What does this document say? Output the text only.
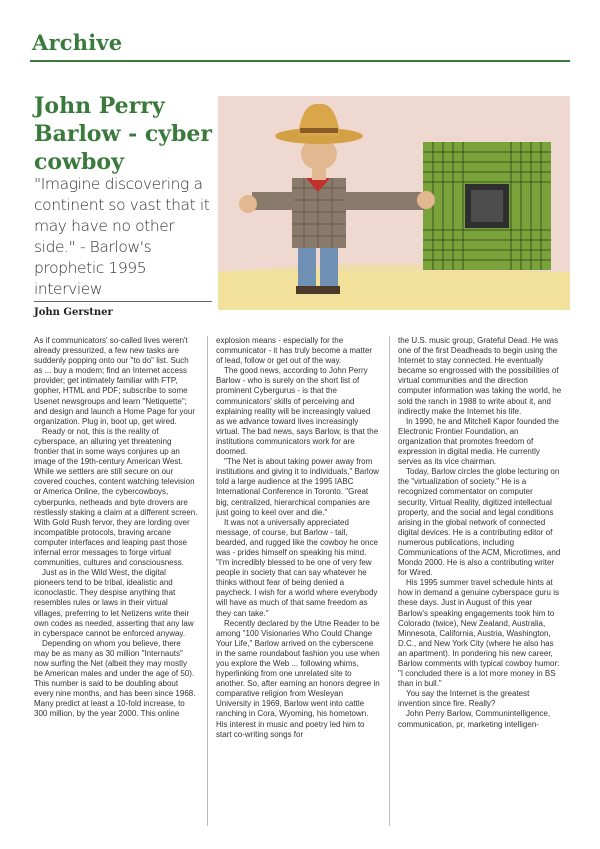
Archive
John Perry Barlow - cyber cowboy

"Imagine discovering a continent so vast that it may have no other side." - Barlow's prophetic 1995 interview

John Gerstner

As if communicators' so-called lives weren't already pressurized, a few new tasks are suddenly popping onto our "to do" list. Such as ... buy a modem; find an Internet access provider; get intimately familiar with FTP, gopher, HTML and PDF; subscribe to some Usenet newsgroups and learn "Netiquette"; and design and launch a Home Page for your organization. Plug in, boot up, get wired.

Ready or not, this is the reality of cyberspace, an alluring yet threatening frontier that in some ways conjures up an image of the 19th-century American West. While we settlers are still secure on our covered couches, content watching television or America Online, the cybercowboys, cyberpunks, netheads and byte drovers are restlessly staking a claim at a different screen. With Gold Rush fervor, they are lording over incompatible protocols, braving arcane computer interfaces and leaping past those infernal error messages to forge virtual communities, cultures and consciousness.

Just as in the Wild West, the digital pioneers tend to be tribal, idealistic and iconoclastic. They despise anything that resembles rules or laws in their virtual villages, preferring to let Netizens write their own codes as needed, asserting that any law in cyberspace cannot be enforced anyway.

Depending on whom you believe, there may be as many as 30 million "Internauts" now surfing the Net (albeit they may mostly be American males and under the age of 50). This number is said to be doubling about every nine months, and has been since 1968. Many predict at least a 10-fold increase, to 300 million, by the year 2000. This online

explosion means - especially for the communicator - it has truly become a matter of lead, follow or get out of the way.

The good news, according to John Perry Barlow - who is surely on the short list of prominent Cybergurus - is that the communicators' skills of perceiving and explaining reality will be increasingly valued as we advance toward lives increasingly virtual. The bad news, says Barlow, is that the institutions communicators work for are doomed.

"The Net is about taking power away from institutions and giving it to individuals," Barlow told a large audience at the 1995 IABC International Conference in Toronto. "Great big, centralized, hierarchical companies are just going to keel over and die."

It was not a universally appreciated message, of course, but Barlow - tall, bearded, and rugged like the cowboy he once was - prides himself on speaking his mind. "I'm incredibly blessed to be one of very few people in society that can say whatever he thinks without fear of being denied a paycheck. I wish for a world where everybody will have as much of that same freedom as they can take."

Recently declared by the Utne Reader to be among "100 Visionaries Who Could Change Your Life," Barlow arrived on the cyberscene in the same roundabout fashion you use when you explore the Web ... following whims, hyperlinking from one unrelated site to another. So, after earning an honors degree in comparative religion from Wesleyan University in 1969, Barlow went into cattle ranching in Cora, Wyoming, his hometown. His interest in music and poetry led him to start co-writing songs for

the U.S. music group, Grateful Dead. He was one of the first Deadheads to begin using the Internet to stay connected. He eventually became so engrossed with the possibilities of virtual communities and the direction computer information was taking the world, he sold the ranch in 1988 to write about it, and indirectly make the Internet his life.

In 1990, he and Mitchell Kapor founded the Electronic Frontier Foundation, an organization that promotes freedom of expression in digital media. He currently serves as its vice chairman.

Today, Barlow circles the globe lecturing on the "virtualization of society." He is a recognized commentator on computer security, Virtual Reality, digitized intellectual property, and the social and legal conditions arising in the global network of connected digital devices. He is a contributing editor of numerous publications, including Communications of the ACM, Microtimes, and Mondo 2000. He is also a contributing writer for Wired.

His 1995 summer travel schedule hints at how in demand a genuine cyberspace guru is these days. Just in August of this year Barlow's speaking engagements took him to Colorado (twice), New Zealand, Australia, Minnesota, California, Austria, Washington, D.C., and New York City (where he also has an apartment). In pondering his new career, Barlow comments with typical cowboy humor: "I concluded there is a lot more money in BS than in bull."

You say the Internet is the greatest invention since fire. Really?

John Perry Barlow, Communintelligence, communication, pr, marketing intelligen-
